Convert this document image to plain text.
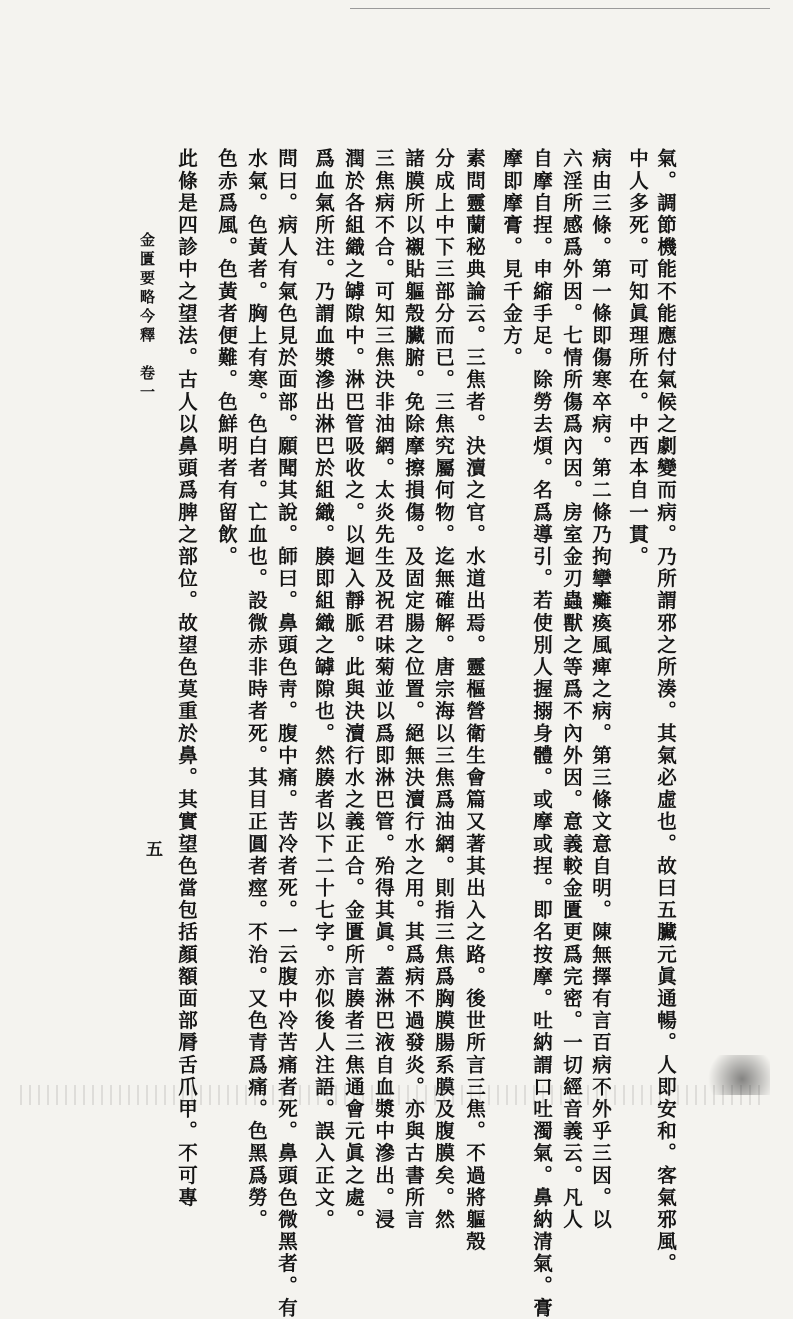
氣。調節機能不能應付氣候之劇變而病。乃所謂邪之所湊。其氣必虛也。故曰五臟元眞通暢。人即安和。客氣邪風。
中人多死。可知眞理所在。中西本自一貫。
病由三條。第一條即傷寒卒病。第二條乃拘攣癱瘓風痺之病。第三條文意自明。陳無擇有言百病不外乎三因。以
六淫所感爲外因。七情所傷爲內因。房室金刃蟲獸之等爲不內外因。意義較金匱更爲完密。一切經音義云。凡人
自摩自捏。申縮手足。除勞去煩。名爲導引。若使別人握搦身體。或摩或捏。即名按摩。吐納謂口吐濁氣。鼻納清氣。膏
摩即摩膏。見千金方。
素問靈蘭秘典論云。三焦者。決瀆之官。水道出焉。靈樞營衛生會篇又著其出入之路。後世所言三焦。不過將軀殼
分成上中下三部分而已。三焦究屬何物。迄無確解。唐宗海以三焦爲油網。則指三焦爲胸膜腸系膜及腹膜矣。然
諸膜所以襯貼軀殼臟腑。免除摩擦損傷。及固定腸之位置。絕無決瀆行水之用。其爲病不過發炎。亦與古書所言
三焦病不合。可知三焦決非油網。太炎先生及祝君味菊並以爲即淋巴管。殆得其眞。蓋淋巴液自血漿中滲出。浸
潤於各組織之罅隙中。淋巴管吸收之。以迴入靜脈。此與決瀆行水之義正合。金匱所言腠者三焦通會元眞之處。
爲血氣所注。乃謂血漿滲出淋巴於組織。腠即組織之罅隙也。然腠者以下二十七字。亦似後人注語。誤入正文。
問曰。病人有氣色見於面部。願聞其說。師曰。鼻頭色靑。腹中痛。苦冷者死。一云腹中冷苦痛者死。鼻頭色微黑者。有
水氣。色黃者。胸上有寒。色白者。亡血也。設微赤非時者死。其目正圓者痙。不治。又色青爲痛。色黑爲勞。
色赤爲風。色黃者便難。色鮮明者有留飲。
此條是四診中之望法。古人以鼻頭爲脾之部位。故望色莫重於鼻。其實望色當包括顏額面部脣舌爪甲。不可專
金匱要略今釋　卷一
五
